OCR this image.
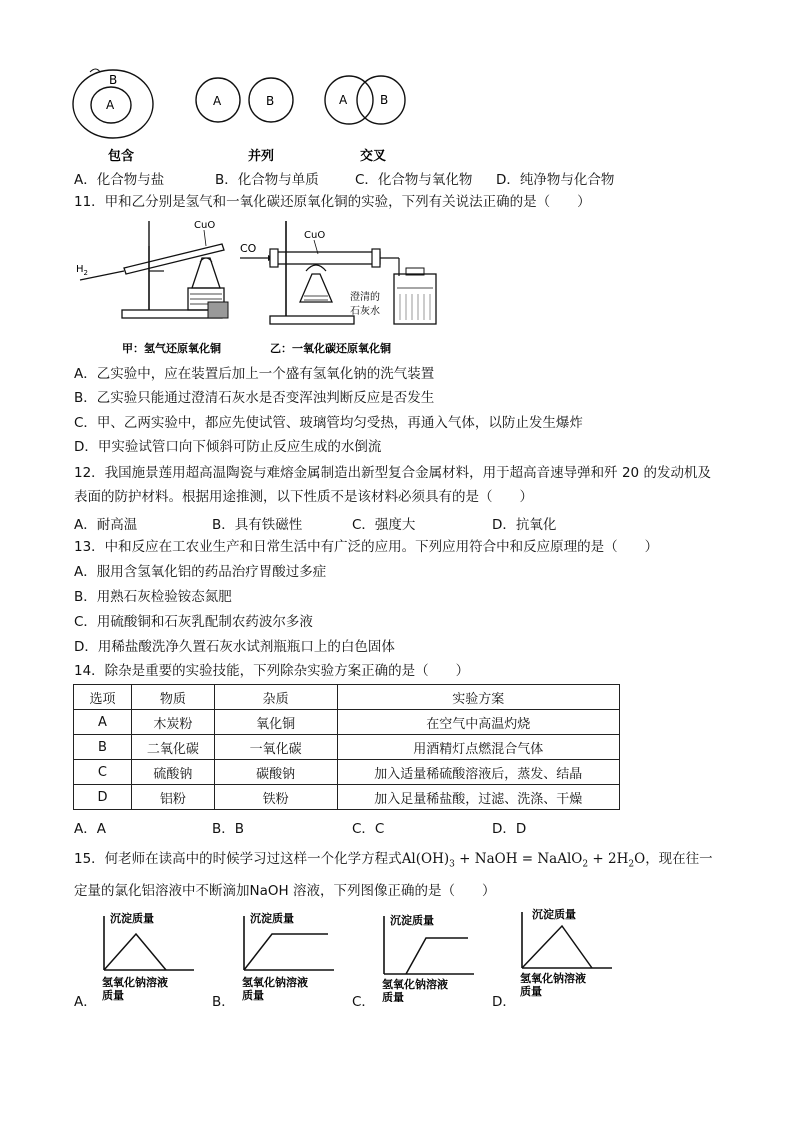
B
A
包含
A	B
并列
A	B
交叉
A．化合物与盐	B．化合物与单质	C．化合物与氧化物 D．纯净物与化合物
11．甲和乙分别是氢气和一氧化碳还原氧化铜的实验，下列有关说法正确的是（　　）
$H_2$
CuO
甲：氢气还原氧化铜
CO
CuO
澄清的
石灰水
乙：一氧化碳还原氧化铜
A．乙实验中，应在装置后加上一个盛有氢氧化钠的洗气装置
B．乙实验只能通过澄清石灰水是否变浑浊判断反应是否发生
C．甲、乙两实验中，都应先使试管、玻璃管均匀受热，再通入气体，以防止发生爆炸
D．甲实验试管口向下倾斜可防止反应生成的水倒流
12．我国施景莲用超高温陶瓷与难熔金属制造出新型复合金属材料，用于超高音速导弹和歼 20 的发动机及
表面的防护材料。根据用途推测，以下性质不是该材料必须具有的是（　　）
A．耐高温	B．具有铁磁性	C．强度大	D．抗氧化
13．中和反应在工农业生产和日常生活中有广泛的应用。下列应用符合中和反应原理的是（　　）
A．服用含氢氧化铝的药品治疗胃酸过多症
B．用熟石灰检验铵态氮肥
C．用硫酸铜和石灰乳配制农药波尔多液
D．用稀盐酸洗净久置石灰水试剂瓶瓶口上的白色固体
14．除杂是重要的实验技能，下列除杂实验方案正确的是（　　）
选项	物质	杂质	实验方案
A	木炭粉	氧化铜	在空气中高温灼烧
B	二氧化碳	一氧化碳	用酒精灯点燃混合气体
C	硫酸钠	碳酸钠	加入适量稀硫酸溶液后，蒸发、结晶
D	铝粉	铁粉	加入足量稀盐酸，过滤、洗涤、干燥
A．A	B．B	C．C	D．D
15．何老师在读高中的时候学习过这样一个化学方程式$Al(OH)_3$ + NaOH = NaAlO$_2$ + $2H_2O$，现在往一
定量的氯化铝溶液中不断滴加NaOH 溶液，下列图像正确的是（　　）
沉淀质量
氢氧化钠溶液
质量
沉淀质量
氢氧化钠溶液
质量
沉淀质量
氢氧化钠溶液
质量
沉淀质量
氢氧化钠溶液
质量
A．	B．	C．	D．
